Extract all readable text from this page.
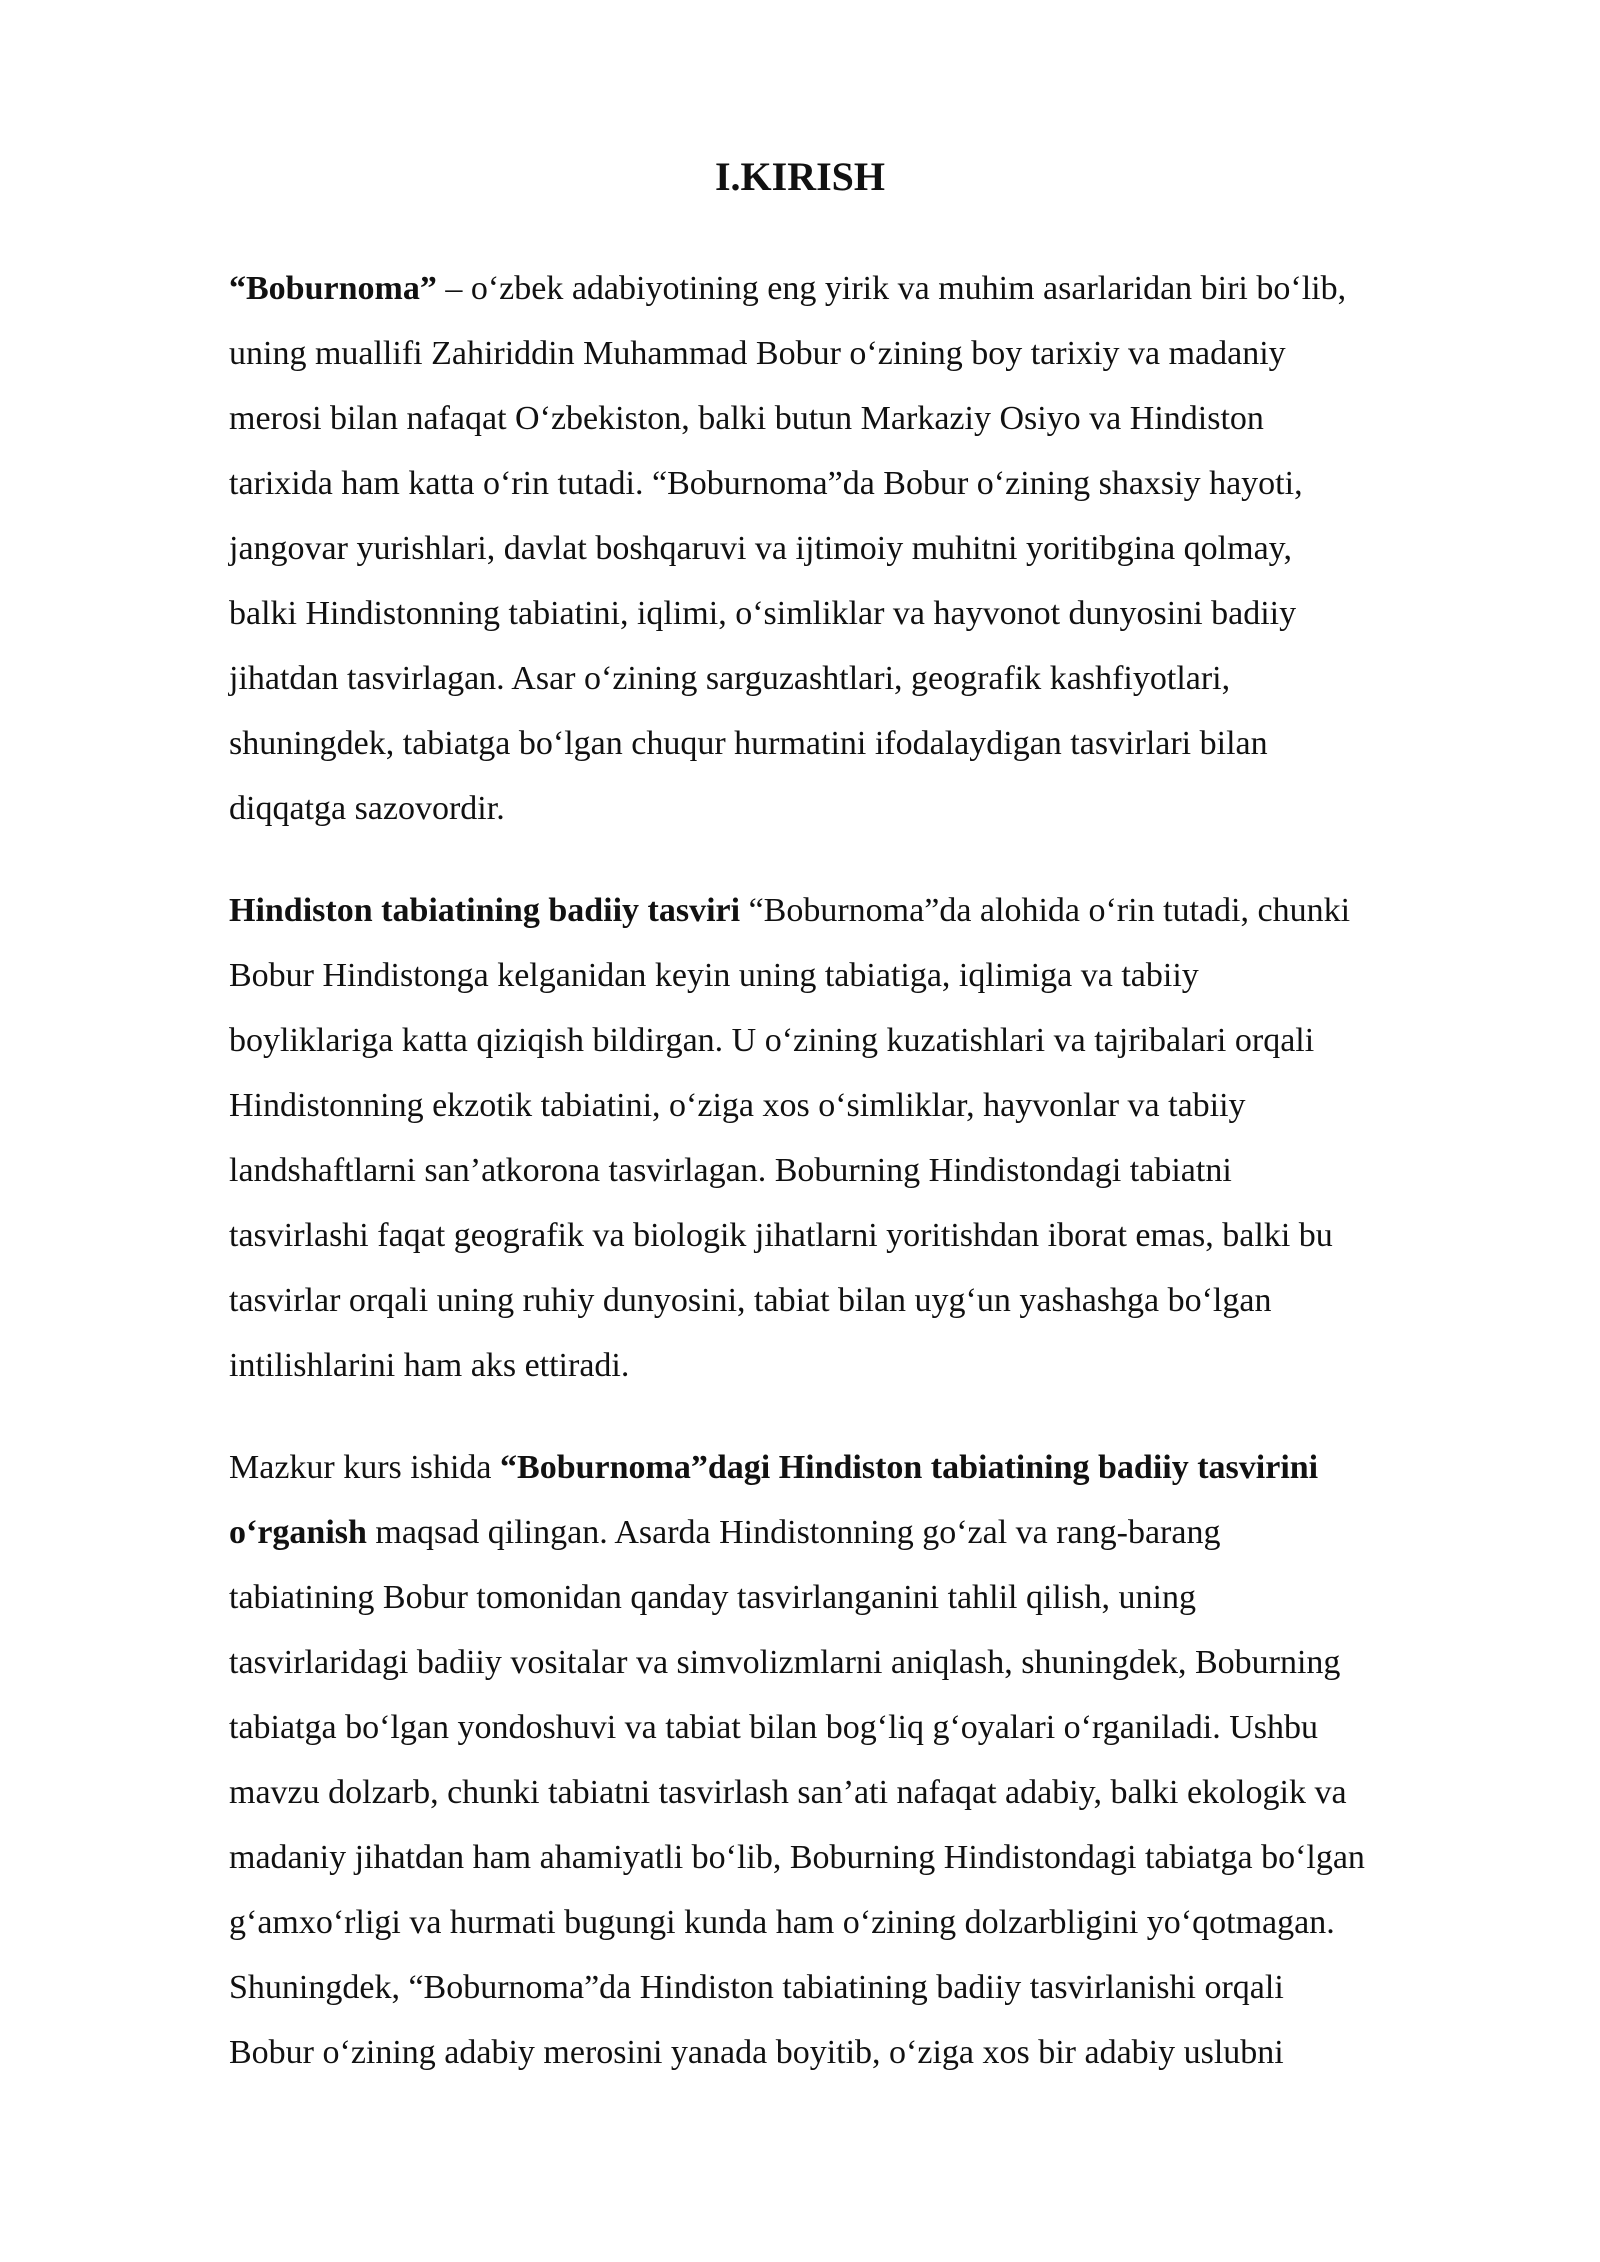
I.KIRISH

“Boburnoma” – o‘zbek adabiyotining eng yirik va muhim asarlaridan biri bo‘lib,
uning muallifi Zahiriddin Muhammad Bobur o‘zining boy tarixiy va madaniy
merosi bilan nafaqat O‘zbekiston, balki butun Markaziy Osiyo va Hindiston
tarixida ham katta o‘rin tutadi. “Boburnoma”da Bobur o‘zining shaxsiy hayoti,
jangovar yurishlari, davlat boshqaruvi va ijtimoiy muhitni yoritibgina qolmay,
balki Hindistonning tabiatini, iqlimi, o‘simliklar va hayvonot dunyosini badiiy
jihatdan tasvirlagan. Asar o‘zining sarguzashtlari, geografik kashfiyotlari,
shuningdek, tabiatga bo‘lgan chuqur hurmatini ifodalaydigan tasvirlari bilan
diqqatga sazovordir.

Hindiston tabiatining badiiy tasviri “Boburnoma”da alohida o‘rin tutadi, chunki
Bobur Hindistonga kelganidan keyin uning tabiatiga, iqlimiga va tabiiy
boyliklariga katta qiziqish bildirgan. U o‘zining kuzatishlari va tajribalari orqali
Hindistonning ekzotik tabiatini, o‘ziga xos o‘simliklar, hayvonlar va tabiiy
landshaftlarni san’atkorona tasvirlagan. Boburning Hindistondagi tabiatni
tasvirlashi faqat geografik va biologik jihatlarni yoritishdan iborat emas, balki bu
tasvirlar orqali uning ruhiy dunyosini, tabiat bilan uyg‘un yashashga bo‘lgan
intilishlarini ham aks ettiradi.

Mazkur kurs ishida “Boburnoma”dagi Hindiston tabiatining badiiy tasvirini
o‘rganish maqsad qilingan. Asarda Hindistonning go‘zal va rang-barang
tabiatining Bobur tomonidan qanday tasvirlanganini tahlil qilish, uning
tasvirlaridagi badiiy vositalar va simvolizmlarni aniqlash, shuningdek, Boburning
tabiatga bo‘lgan yondoshuvi va tabiat bilan bog‘liq g‘oyalari o‘rganiladi. Ushbu
mavzu dolzarb, chunki tabiatni tasvirlash san’ati nafaqat adabiy, balki ekologik va
madaniy jihatdan ham ahamiyatli bo‘lib, Boburning Hindistondagi tabiatga bo‘lgan
g‘amxo‘rligi va hurmati bugungi kunda ham o‘zining dolzarbligini yo‘qotmagan.
Shuningdek, “Boburnoma”da Hindiston tabiatining badiiy tasvirlanishi orqali
Bobur o‘zining adabiy merosini yanada boyitib, o‘ziga xos bir adabiy uslubni
